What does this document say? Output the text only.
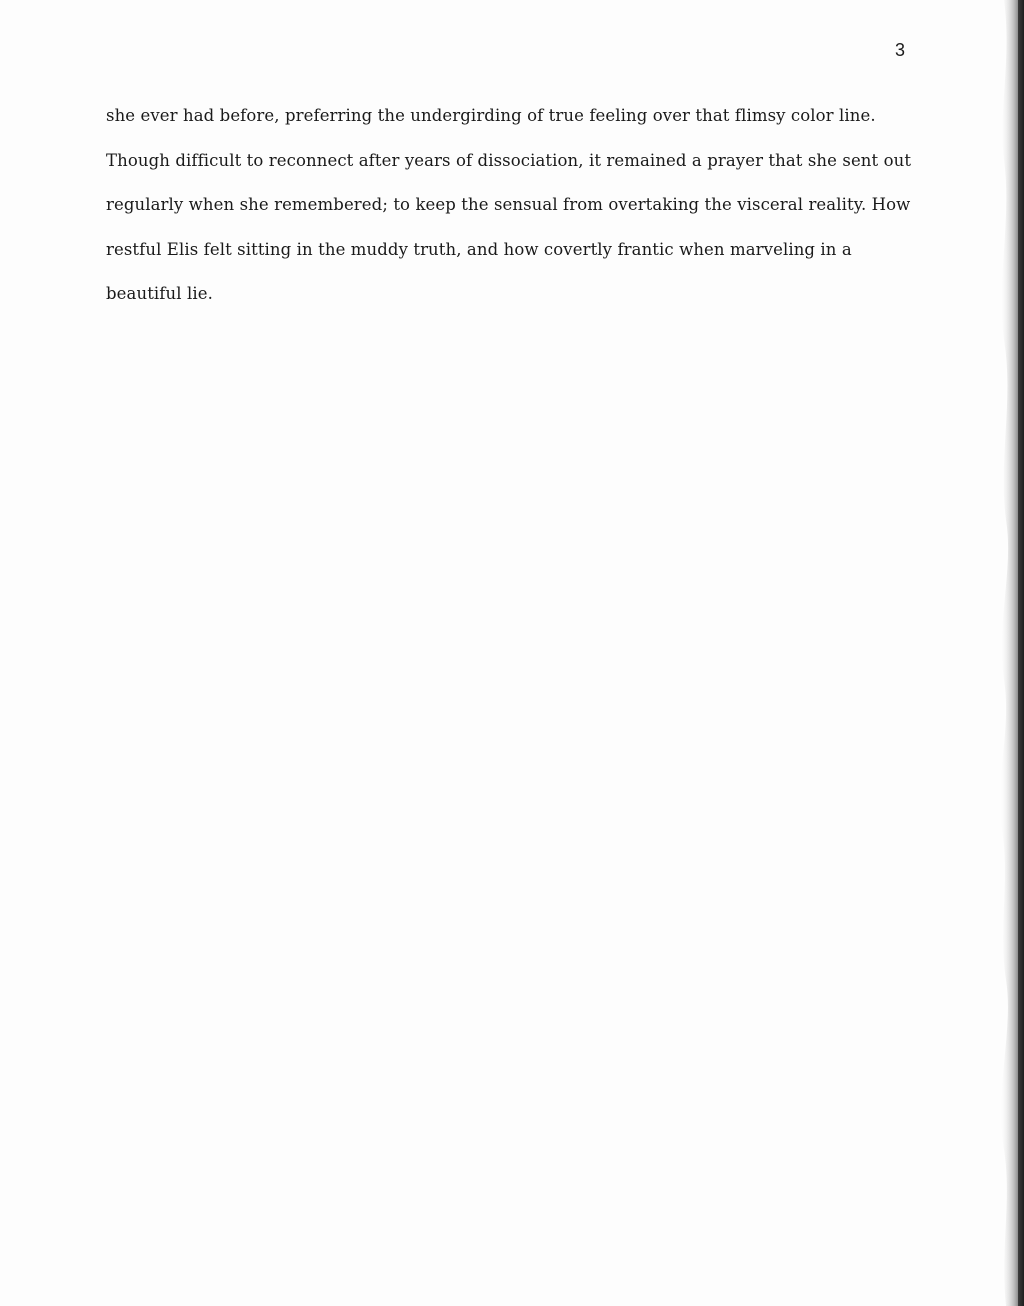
3
she ever had before, preferring the undergirding of true feeling over that flimsy color line.
Though difficult to reconnect after years of dissociation, it remained a prayer that she sent out
regularly when she remembered; to keep the sensual from overtaking the visceral reality. How
restful Elis felt sitting in the muddy truth, and how covertly frantic when marveling in a
beautiful lie.
